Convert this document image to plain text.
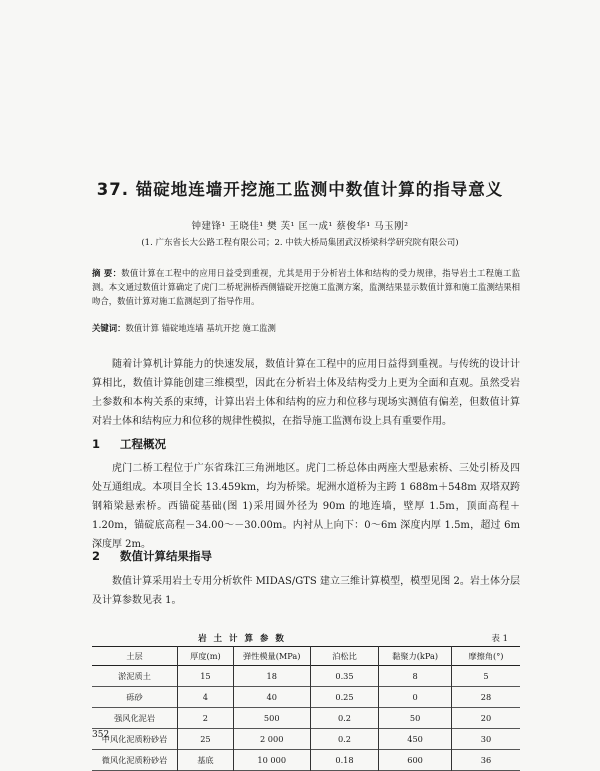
37. 锚碇地连墙开挖施工监测中数值计算的指导意义
钟建锋¹ 王晓佳¹ 樊 芙¹ 匡一成¹ 蔡俊华¹ 马玉刚²
(1. 广东省长大公路工程有限公司；2. 中铁大桥局集团武汉桥梁科学研究院有限公司)
摘 要：数值计算在工程中的应用日益受到重视，尤其是用于分析岩土体和结构的受力规律，指导岩土工程施工监测。本文通过数值计算确定了虎门二桥坭洲桥西侧锚碇开挖施工监测方案，监测结果显示数值计算和施工监测结果相吻合，数值计算对施工监测起到了指导作用。
关键词：数值计算 锚碇地连墙 基坑开挖 施工监测
随着计算机计算能力的快速发展，数值计算在工程中的应用日益得到重视。与传统的设计计算相比，数值计算能创建三维模型，因此在分析岩土体及结构受力上更为全面和直观。虽然受岩土参数和本构关系的束缚，计算出岩土体和结构的应力和位移与现场实测值有偏差，但数值计算对岩土体和结构应力和位移的规律性模拟，在指导施工监测布设上具有重要作用。
1 工程概况
虎门二桥工程位于广东省珠江三角洲地区。虎门二桥总体由两座大型悬索桥、三处引桥及四处互通组成。本项目全长 13.459km，均为桥梁。坭洲水道桥为主跨 1 688m＋548m 双塔双跨钢箱梁悬索桥。西锚碇基础(图 1)采用圆外径为 90m 的地连墙，壁厚 1.5m，顶面高程＋1.20m，锚碇底高程－34.00～－30.00m。内衬从上向下：0～6m 深度内厚 1.5m，超过 6m 深度厚 2m。
2 数值计算结果指导
数值计算采用岩土专用分析软件 MIDAS/GTS 建立三维计算模型，模型见图 2。岩土体分层及计算参数见表 1。
岩 土 计 算 参 数	表 1
土层	厚度(m)	弹性模量(MPa)	泊松比	黏聚力(kPa)	摩擦角(°)
淤泥质土	15	18	0.35	8	5
砾砂	4	40	0.25	0	28
强风化泥岩	2	500	0.2	50	20
中风化泥质粉砂岩	25	2 000	0.2	450	30
微风化泥质粉砂岩	基底	10 000	0.18	600	36
352
